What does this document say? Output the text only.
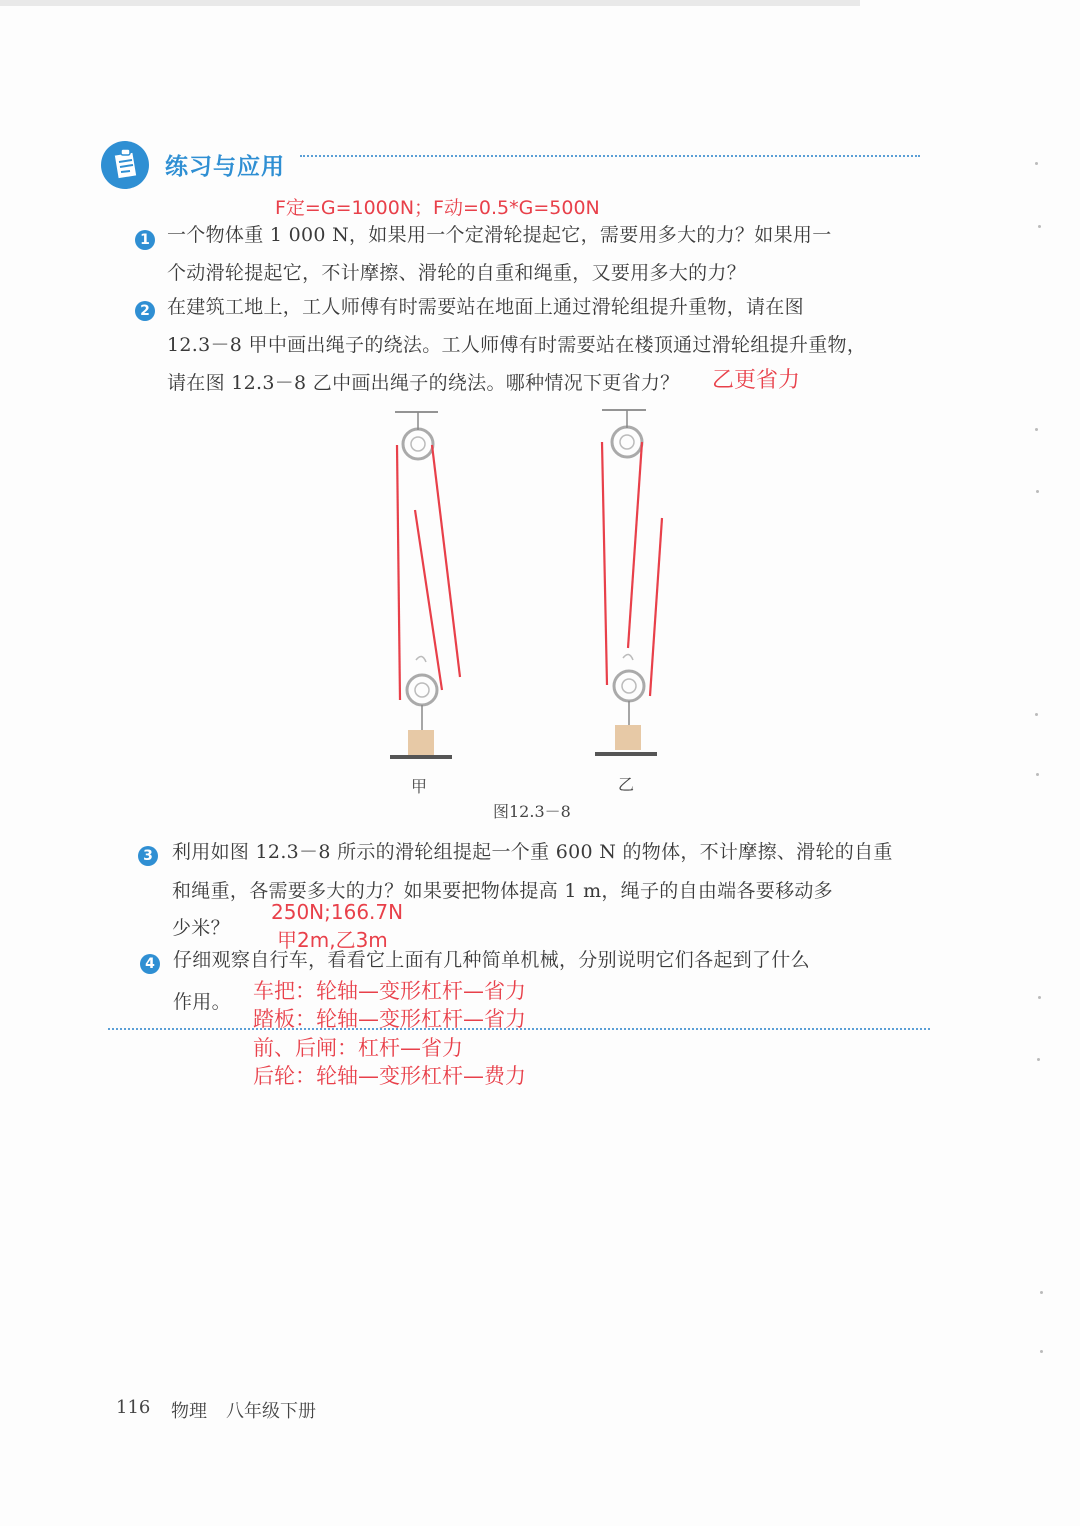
练习与应用
F定=G=1000N；F动=0.5*G=500N
1 一个物体重 1 000 N，如果用一个定滑轮提起它，需要用多大的力？如果用一
个动滑轮提起它，不计摩擦、滑轮的自重和绳重，又要用多大的力？
2 在建筑工地上，工人师傅有时需要站在地面上通过滑轮组提升重物，请在图
12.3－8 甲中画出绳子的绕法。工人师傅有时需要站在楼顶通过滑轮组提升重物，
请在图 12.3－8 乙中画出绳子的绕法。哪种情况下更省力？ 乙更省力
甲	乙
图12.3－8
3 利用如图 12.3－8 所示的滑轮组提起一个重 600 N 的物体，不计摩擦、滑轮的自重
和绳重，各需要多大的力？如果要把物体提高 1 m，绳子的自由端各要移动多
少米？
250N;166.7N
甲2m,乙3m
4 仔细观察自行车，看看它上面有几种简单机械，分别说明它们各起到了什么
作用。 车把：轮轴—变形杠杆—省力
踏板：轮轴—变形杠杆—省力
前、后闸：杠杆—省力
后轮：轮轴—变形杠杆—费力
116 物理 八年级下册
